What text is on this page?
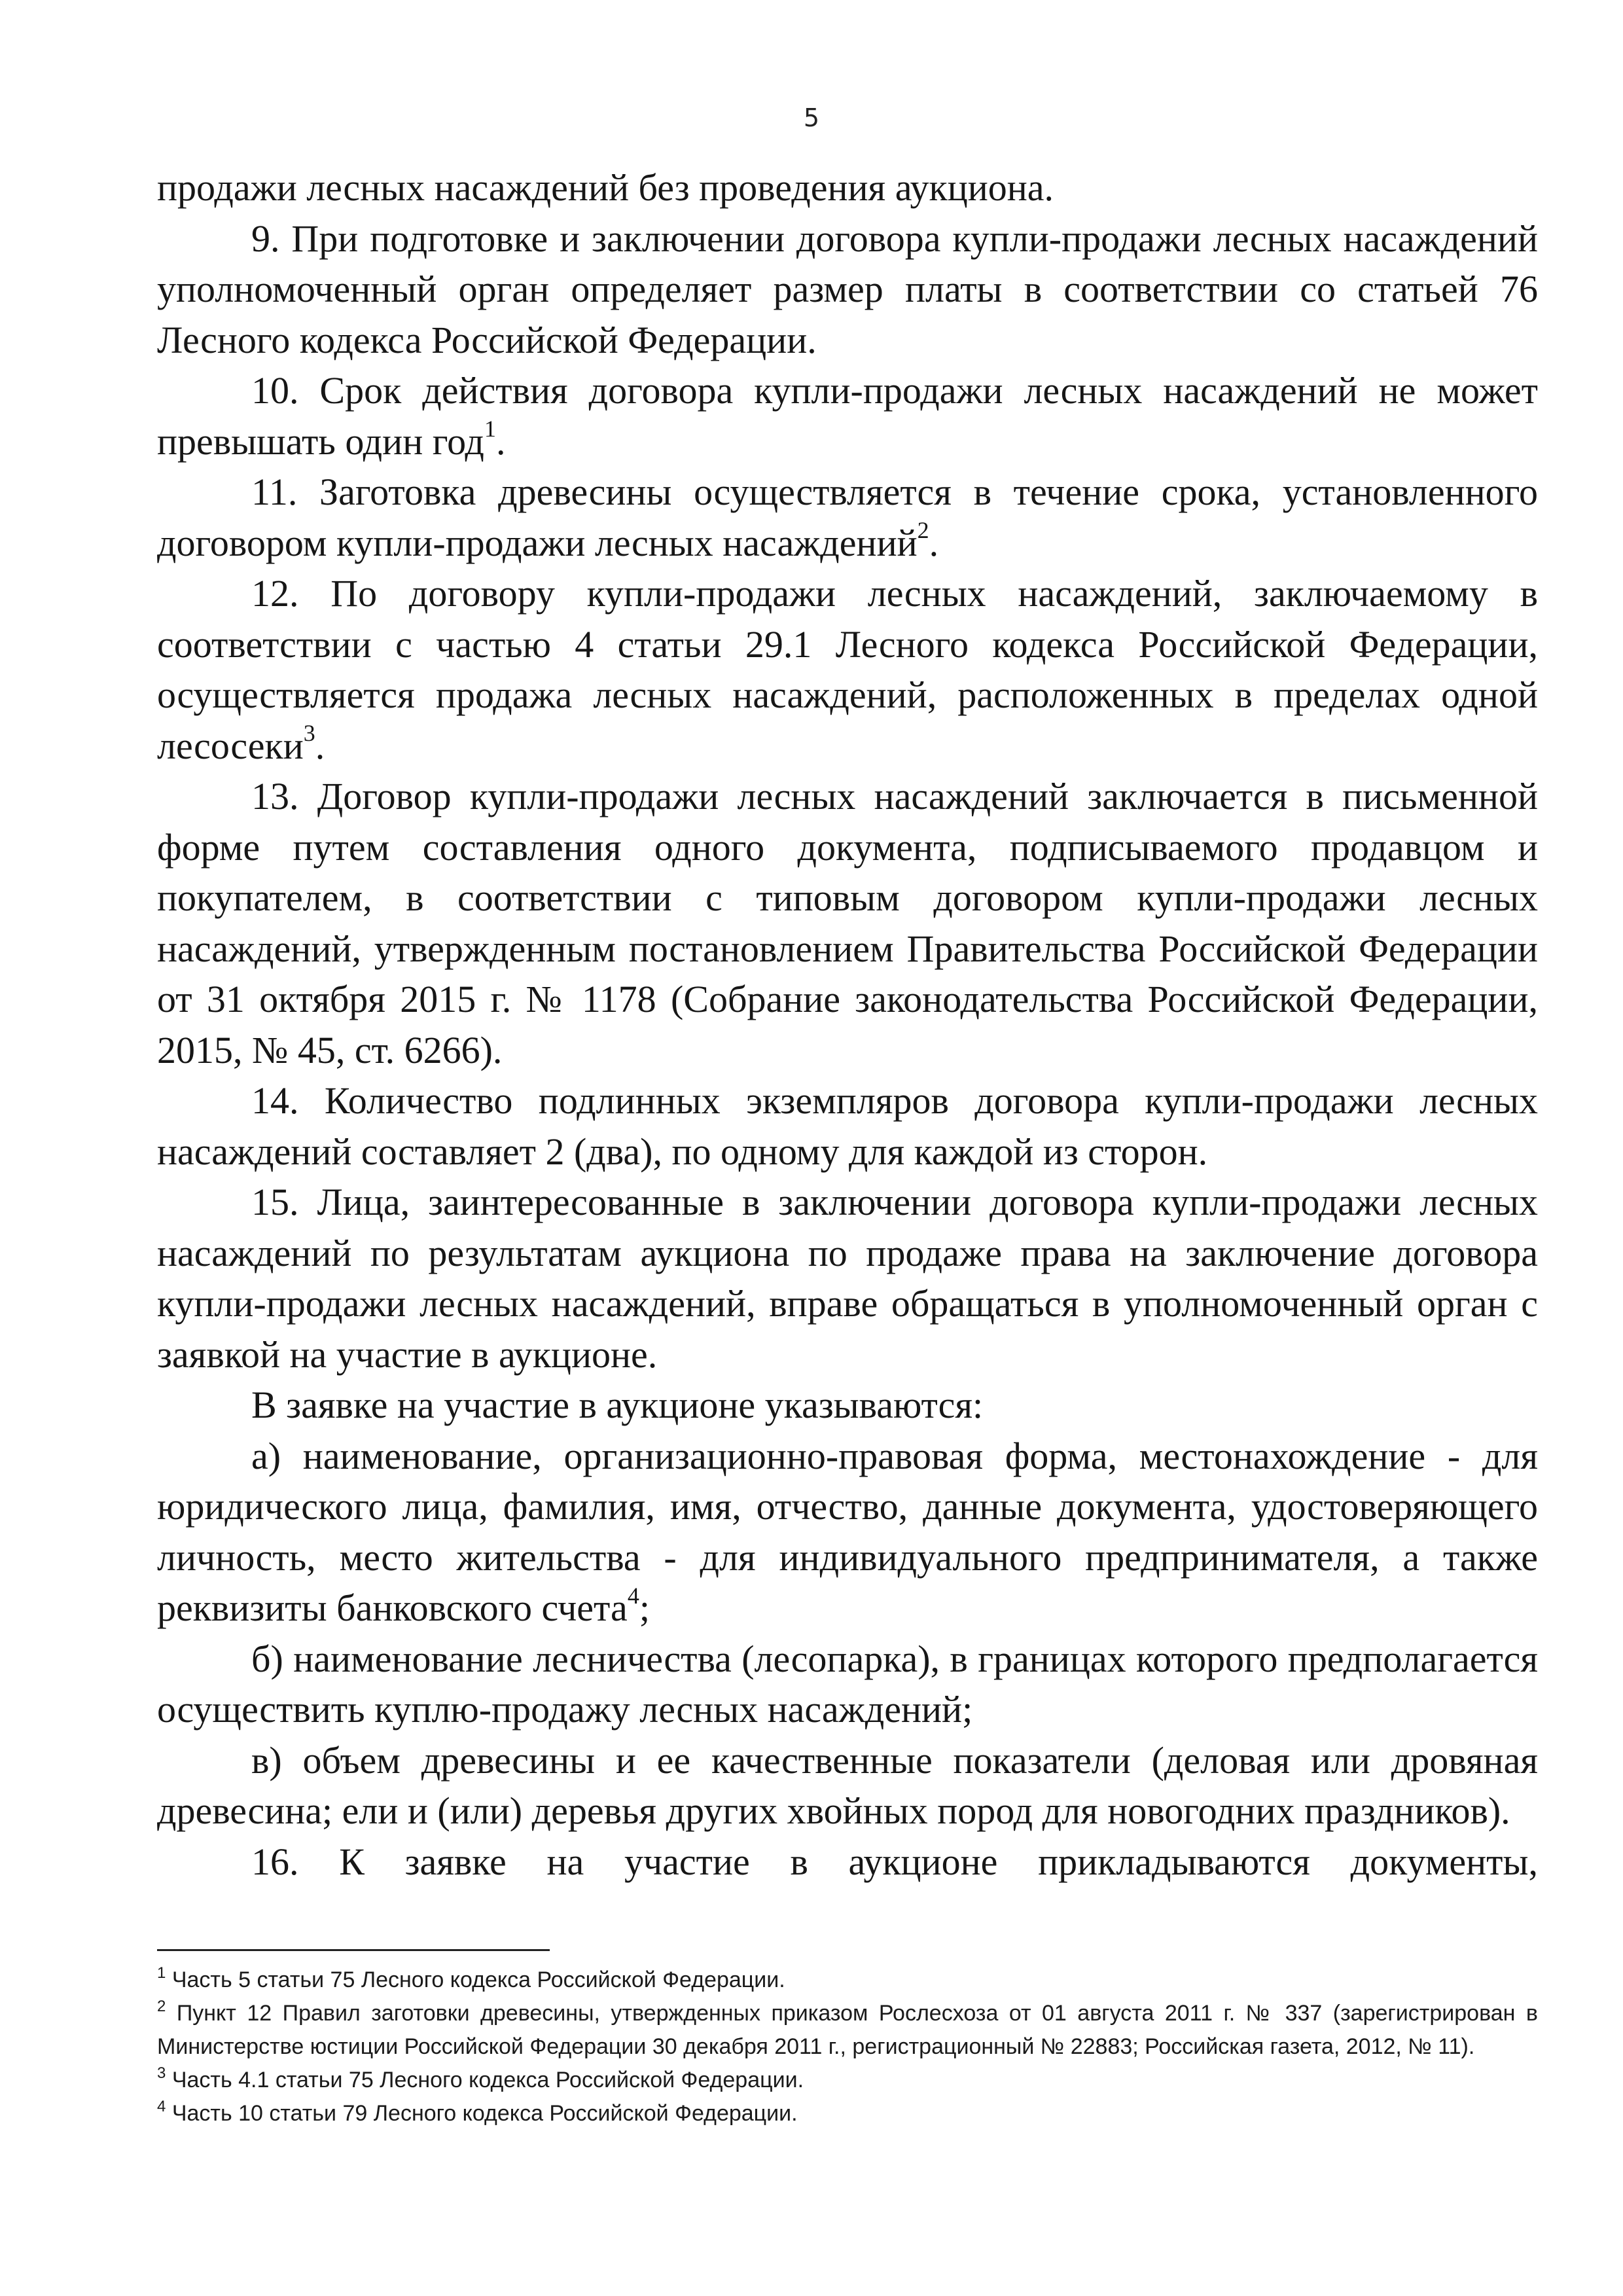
5

продажи лесных насаждений без проведения аукциона.

9. При подготовке и заключении договора купли-продажи лесных насаждений уполномоченный орган определяет размер платы в соответствии со статьей 76 Лесного кодекса Российской Федерации.

10. Срок действия договора купли-продажи лесных насаждений не может превышать один год$^1$.

11. Заготовка древесины осуществляется в течение срока, установленного договором купли-продажи лесных насаждений$^2$.

12. По договору купли-продажи лесных насаждений, заключаемому в соответствии с частью 4 статьи 29.1 Лесного кодекса Российской Федерации, осуществляется продажа лесных насаждений, расположенных в пределах одной лесосеки$^3$.

13. Договор купли-продажи лесных насаждений заключается в письменной форме путем составления одного документа, подписываемого продавцом и покупателем, в соответствии с типовым договором купли-продажи лесных насаждений, утвержденным постановлением Правительства Российской Федерации от 31 октября 2015 г. № 1178 (Собрание законодательства Российской Федерации, 2015, № 45, ст. 6266).

14. Количество подлинных экземпляров договора купли-продажи лесных насаждений составляет 2 (два), по одному для каждой из сторон.

15. Лица, заинтересованные в заключении договора купли-продажи лесных насаждений по результатам аукциона по продаже права на заключение договора купли-продажи лесных насаждений, вправе обращаться в уполномоченный орган с заявкой на участие в аукционе.

В заявке на участие в аукционе указываются:

а) наименование, организационно-правовая форма, местонахождение - для юридического лица, фамилия, имя, отчество, данные документа, удостоверяющего личность, место жительства - для индивидуального предпринимателя, а также реквизиты банковского счета$^4$;

б) наименование лесничества (лесопарка), в границах которого предполагается осуществить куплю-продажу лесных насаждений;

в) объем древесины и ее качественные показатели (деловая или дровяная древесина; ели и (или) деревья других хвойных пород для новогодних праздников).

16. К заявке на участие в аукционе прикладываются документы,

$^1$ Часть 5 статьи 75 Лесного кодекса Российской Федерации.

$^2$ Пункт 12 Правил заготовки древесины, утвержденных приказом Рослесхоза от 01 августа 2011 г. № 337 (зарегистрирован в Министерстве юстиции Российской Федерации 30 декабря 2011 г., регистрационный № 22883; Российская газета, 2012, № 11).

$^3$ Часть 4.1 статьи 75 Лесного кодекса Российской Федерации.

$^4$ Часть 10 статьи 79 Лесного кодекса Российской Федерации.
